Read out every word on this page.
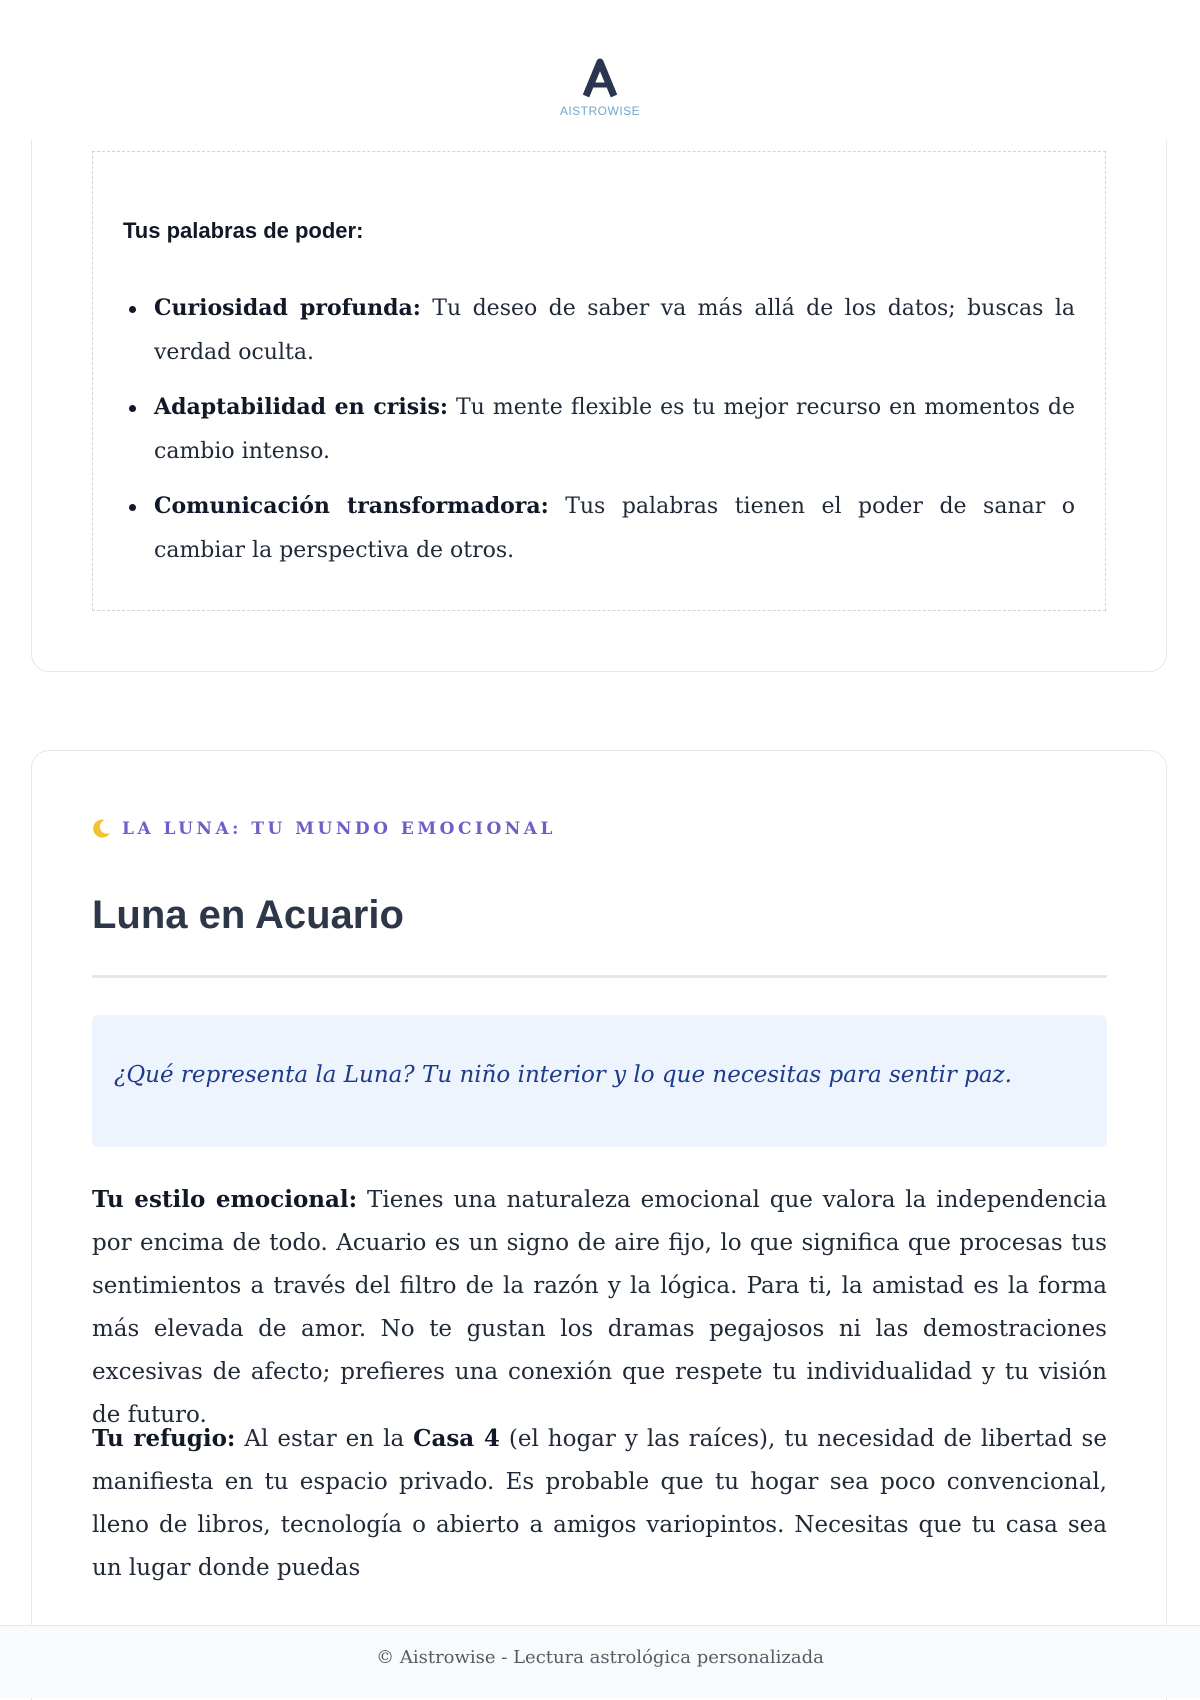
AISTROWISE
Tus palabras de poder:
Curiosidad profunda: Tu deseo de saber va más allá de los datos; buscas la verdad oculta.
Adaptabilidad en crisis: Tu mente flexible es tu mejor recurso en momentos de cambio intenso.
Comunicación transformadora: Tus palabras tienen el poder de sanar o cambiar la perspectiva de otros.
LA LUNA: TU MUNDO EMOCIONAL
Luna en Acuario
¿Qué representa la Luna? Tu niño interior y lo que necesitas para sentir paz.

Tu estilo emocional: Tienes una naturaleza emocional que valora la independencia por encima de todo. Acuario es un signo de aire fijo, lo que significa que procesas tus sentimientos a través del filtro de la razón y la lógica. Para ti, la amistad es la forma más elevada de amor. No te gustan los dramas pegajosos ni las demostraciones excesivas de afecto; prefieres una conexión que respete tu individualidad y tu visión de futuro.

Tu refugio: Al estar en la Casa 4 (el hogar y las raíces), tu necesidad de libertad se manifiesta en tu espacio privado. Es probable que tu hogar sea poco convencional, lleno de libros, tecnología o abierto a amigos variopintos. Necesitas que tu casa sea un lugar donde puedas

© Aistrowise - Lectura astrológica personalizada
